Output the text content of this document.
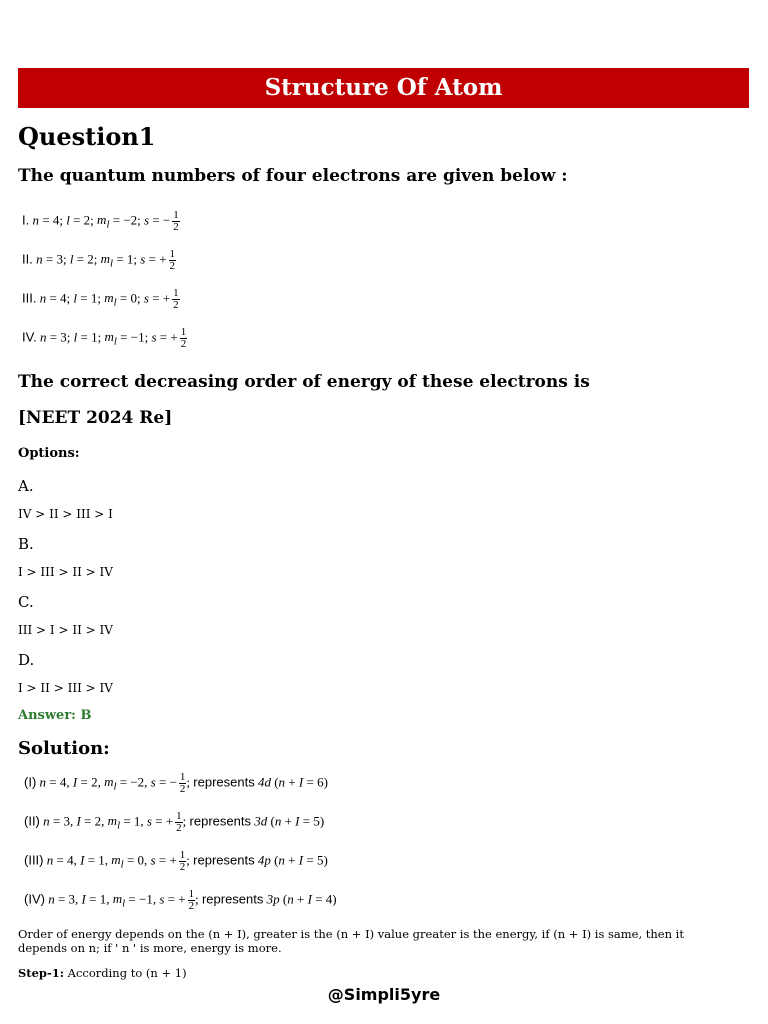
Structure Of Atom
Question1
The quantum numbers of four electrons are given below :
I. n = 4; l = 2; $m_l = -2$; s = − $\frac{1}{2}$
II. n = 3; l = 2; $m_l = 1$; s = + $\frac{1}{2}$
III. n = 4; l = 1; $m_l = 0$; s = + $\frac{1}{2}$
IV. n = 3; l = 1; $m_l = -1$; s = + $\frac{1}{2}$
The correct decreasing order of energy of these electrons is
[NEET 2024 Re]
Options:
A.
IV > II > III > I
B.
I > III > II > IV
C.
III > I > II > IV
D.
I > II > III > IV
Answer: B
Solution:
(I) n = 4, I = 2, $m_l = -2$, s = − $\frac{1}{2}$ ; represents 4d (n + I = 6)
(II) n = 3, I = 2, $m_l = 1$, s = + $\frac{1}{2}$ ; represents 3d (n + I = 5)
(III) n = 4, I = 1, $m_l = 0$, s = + $\frac{1}{2}$ ; represents 4p (n + I = 5)
(IV) n = 3, I = 1, $m_l = -1$, s = + $\frac{1}{2}$ ; represents 3p (n + I = 4)
Order of energy depends on the (n + I), greater is the (n + I) value greater is the energy, if (n + I) is same, then it depends on n; if ' n ' is more, energy is more.
Step-1: According to (n + 1)
@Simpli5yre
